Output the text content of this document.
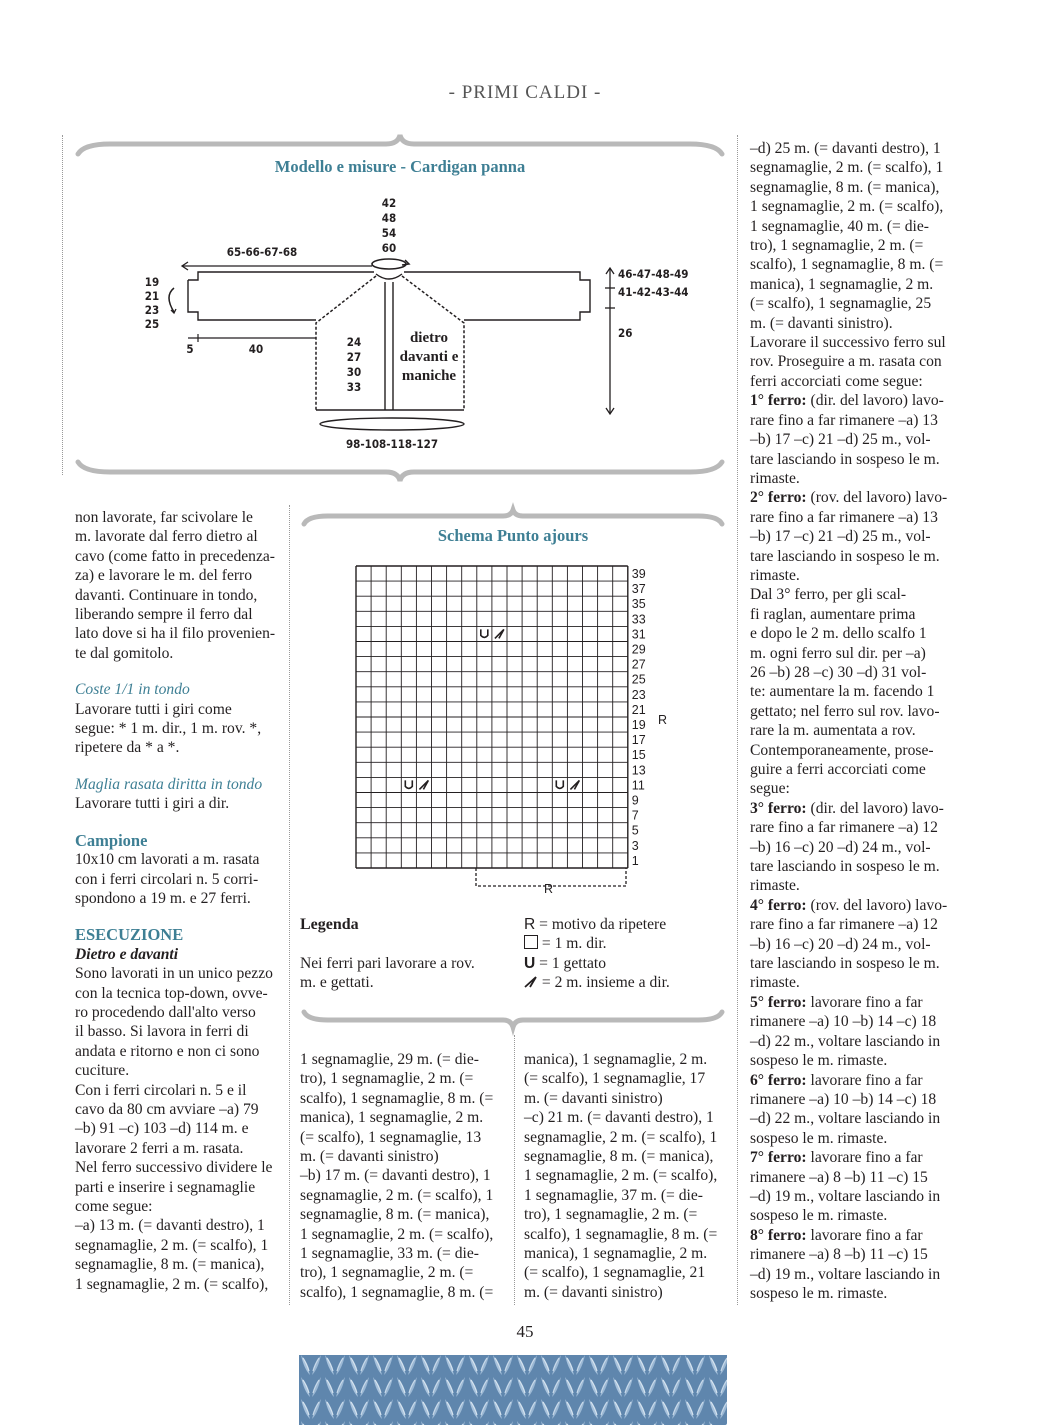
- PRIMI CALDI -
Modello e misure - Cardigan panna
42
48
54
60
65-66-67-68
19
21
23
25
5	40	24
27
30
33
dietro
davanti e
maniche
46-47-48-49
41-42-43-44
26
98-108-118-127
non lavorate, far scivolare le
m. lavorate dal ferro dietro al
cavo (come fatto in precedenza-
za) e lavorare le m. del ferro
davanti. Continuare in tondo,
liberando sempre il ferro dal
lato dove si ha il filo provenien-
te dal gomitolo.
Coste 1/1 in tondo
Lavorare tutti i giri come
segue: * 1 m. dir., 1 m. rov. *,
ripetere da * a *.
Maglia rasata diritta in tondo
Lavorare tutti i giri a dir.
Campione
10x10 cm lavorati a m. rasata
con i ferri circolari n. 5 corri-
spondono a 19 m. e 27 ferri.
ESECUZIONE
Dietro e davanti
Sono lavorati in un unico pezzo
con la tecnica top-down, ovve-
ro procedendo dall'alto verso
il basso. Si lavora in ferri di
andata e ritorno e non ci sono
cuciture.
Con i ferri circolari n. 5 e il
cavo da 80 cm avviare –a) 79
–b) 91 –c) 103 –d) 114 m. e
lavorare 2 ferri a m. rasata.
Nel ferro successivo dividere le
parti e inserire i segnamaglie
come segue:
–a) 13 m. (= davanti destro), 1
segnamaglie, 2 m. (= scalfo), 1
segnamaglie, 8 m. (= manica),
1 segnamaglie, 2 m. (= scalfo),
Schema Punto ajours
39
37
35
33
31
29
27
25
23
21
19
17
15
13
11
9
7
5
3
1
R
R
Legenda
Nei ferri pari lavorare a rov.
m. e gettati.
R = motivo da ripetere
= 1 m. dir.
U = 1 gettato
= 2 m. insieme a dir.
1 segnamaglie, 29 m. (= die-
tro), 1 segnamaglie, 2 m. (=
scalfo), 1 segnamaglie, 8 m. (=
manica), 1 segnamaglie, 2 m.
(= scalfo), 1 segnamaglie, 13
m. (= davanti sinistro)
–b) 17 m. (= davanti destro), 1
segnamaglie, 2 m. (= scalfo), 1
segnamaglie, 8 m. (= manica),
1 segnamaglie, 2 m. (= scalfo),
1 segnamaglie, 33 m. (= die-
tro), 1 segnamaglie, 2 m. (=
scalfo), 1 segnamaglie, 8 m. (=
manica), 1 segnamaglie, 2 m.
(= scalfo), 1 segnamaglie, 17
m. (= davanti sinistro)
–c) 21 m. (= davanti destro), 1
segnamaglie, 2 m. (= scalfo), 1
segnamaglie, 8 m. (= manica),
1 segnamaglie, 2 m. (= scalfo),
1 segnamaglie, 37 m. (= die-
tro), 1 segnamaglie, 2 m. (=
scalfo), 1 segnamaglie, 8 m. (=
manica), 1 segnamaglie, 2 m.
(= scalfo), 1 segnamaglie, 21
m. (= davanti sinistro)
–d) 25 m. (= davanti destro), 1
segnamaglie, 2 m. (= scalfo), 1
segnamaglie, 8 m. (= manica),
1 segnamaglie, 2 m. (= scalfo),
1 segnamaglie, 40 m. (= die-
tro), 1 segnamaglie, 2 m. (=
scalfo), 1 segnamaglie, 8 m. (=
manica), 1 segnamaglie, 2 m.
(= scalfo), 1 segnamaglie, 25
m. (= davanti sinistro).
Lavorare il successivo ferro sul
rov. Proseguire a m. rasata con
ferri accorciati come segue:
1° ferro: (dir. del lavoro) lavo-
rare fino a far rimanere –a) 13
–b) 17 –c) 21 –d) 25 m., vol-
tare lasciando in sospeso le m.
rimaste.
2° ferro: (rov. del lavoro) lavo-
rare fino a far rimanere –a) 13
–b) 17 –c) 21 –d) 25 m., vol-
tare lasciando in sospeso le m.
rimaste.
Dal 3° ferro, per gli scal-
fi raglan, aumentare prima
e dopo le 2 m. dello scalfo 1
m. ogni ferro sul dir. per –a)
26 –b) 28 –c) 30 –d) 31 vol-
te: aumentare la m. facendo 1
gettato; nel ferro sul rov. lavo-
rare la m. aumentata a rov.
Contemporaneamente, prose-
guire a ferri accorciati come
segue:
3° ferro: (dir. del lavoro) lavo-
rare fino a far rimanere –a) 12
–b) 16 –c) 20 –d) 24 m., vol-
tare lasciando in sospeso le m.
rimaste.
4° ferro: (rov. del lavoro) lavo-
rare fino a far rimanere –a) 12
–b) 16 –c) 20 –d) 24 m., vol-
tare lasciando in sospeso le m.
rimaste.
5° ferro: lavorare fino a far
rimanere –a) 10 –b) 14 –c) 18
–d) 22 m., voltare lasciando in
sospeso le m. rimaste.
6° ferro: lavorare fino a far
rimanere –a) 10 –b) 14 –c) 18
–d) 22 m., voltare lasciando in
sospeso le m. rimaste.
7° ferro: lavorare fino a far
rimanere –a) 8 –b) 11 –c) 15
–d) 19 m., voltare lasciando in
sospeso le m. rimaste.
8° ferro: lavorare fino a far
rimanere –a) 8 –b) 11 –c) 15
–d) 19 m., voltare lasciando in
sospeso le m. rimaste.
45
